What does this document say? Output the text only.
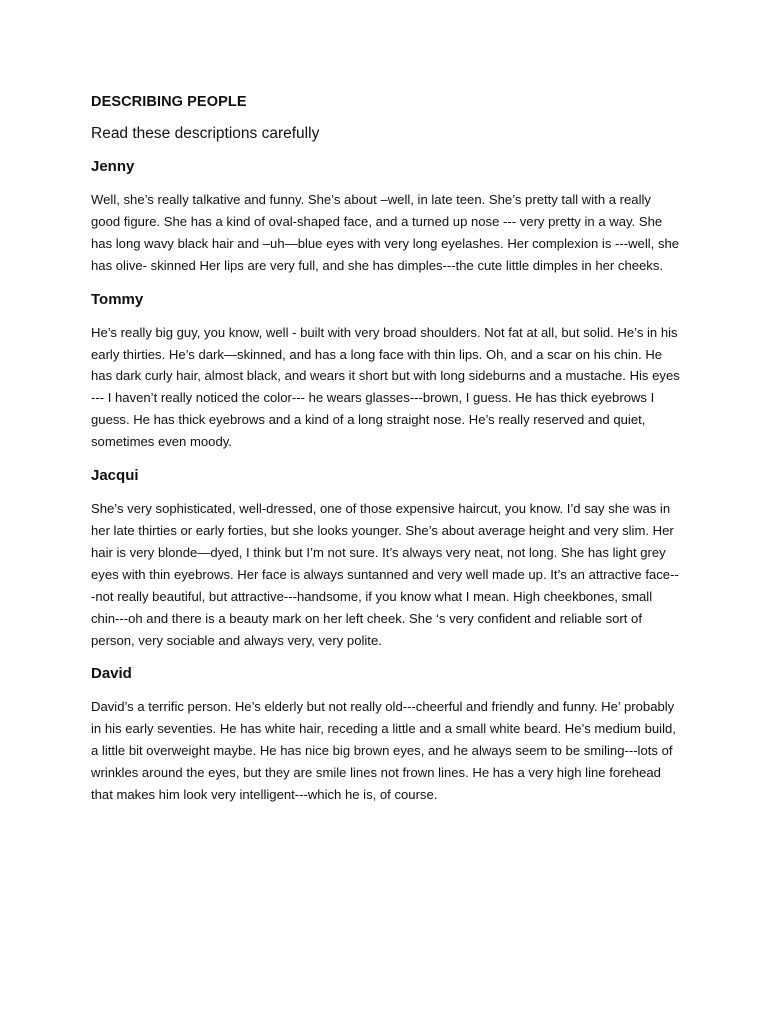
DESCRIBING PEOPLE
Read these descriptions carefully
Jenny

Well, she’s really talkative and funny. She’s about –well, in late teen. She’s pretty tall with a really good figure. She has a kind of oval-shaped face, and a turned up nose --- very pretty in a way. She has long wavy black hair and –uh—blue eyes with very long eyelashes. Her complexion is ---well, she has olive- skinned Her lips are very full, and she has dimples---the cute little dimples in her cheeks.

Tommy

He’s really big guy, you know, well - built with very broad shoulders. Not fat at all, but solid. He’s in his early thirties. He’s dark—skinned, and has a long face with thin lips. Oh, and a scar on his chin. He has dark curly hair, almost black, and wears it short but with long sideburns and a mustache. His eyes --- I haven’t really noticed the color--- he wears glasses---brown, I guess. He has thick eyebrows I guess. He has thick eyebrows and a kind of a long straight nose. He’s really reserved and quiet, sometimes even moody.

Jacqui

She’s very sophisticated, well-dressed, one of those expensive haircut, you know. I’d say she was in her late thirties or early forties, but she looks younger. She’s about average height and very slim. Her hair is very blonde—dyed, I think but I’m not sure. It’s always very neat, not long. She has light grey eyes with thin eyebrows. Her face is always suntanned and very well made up. It’s an attractive face---not really beautiful, but attractive---handsome, if you know what I mean. High cheekbones, small chin---oh and there is a beauty mark on her left cheek. She ‘s very confident and reliable sort of person, very sociable and always very, very polite.

David

David’s a terrific person. He’s elderly but not really old---cheerful and friendly and funny. He’ probably in his early seventies. He has white hair, receding a little and a small white beard. He’s medium build, a little bit overweight maybe. He has nice big brown eyes, and he always seem to be smiling---lots of wrinkles around the eyes, but they are smile lines not frown lines. He has a very high line forehead that makes him look very intelligent---which he is, of course.
